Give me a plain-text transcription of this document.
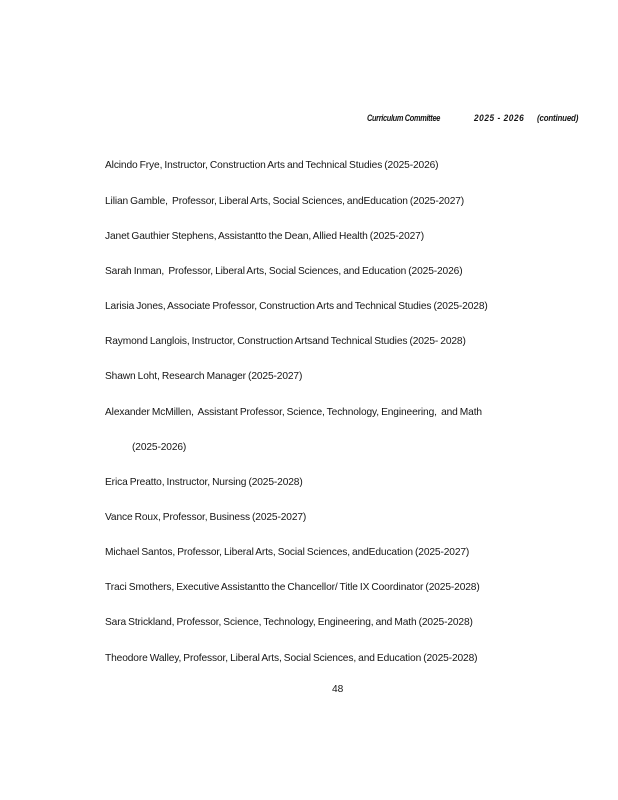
Curriculum Committee	2025 - 2026 (continued)

Alcindo Frye, Instructor, Construction Arts and Technical Studies (2025-2026)

Lilian Gamble,  Professor, Liberal Arts, Social Sciences, andEducation (2025-2027)

Janet Gauthier Stephens, Assistantto the Dean, Allied Health (2025-2027)

Sarah Inman,  Professor, Liberal Arts, Social Sciences, and Education (2025-2026)

Larisia Jones, Associate Professor, Construction Arts and Technical Studies (2025-2028)

Raymond Langlois, Instructor, Construction Artsand Technical Studies (2025- 2028)

Shawn Loht, Research Manager (2025-2027)

Alexander McMillen,  Assistant Professor, Science, Technology, Engineering,  and Math

(2025-2026)

Erica Preatto, Instructor, Nursing (2025-2028)

Vance Roux, Professor, Business (2025-2027)

Michael Santos, Professor, Liberal Arts, Social Sciences, andEducation (2025-2027)

Traci Smothers, Executive Assistantto the Chancellor/ Title IX Coordinator (2025-2028)

Sara Strickland, Professor, Science, Technology, Engineering, and Math (2025-2028)

Theodore Walley, Professor, Liberal Arts, Social Sciences, and Education (2025-2028)

48
